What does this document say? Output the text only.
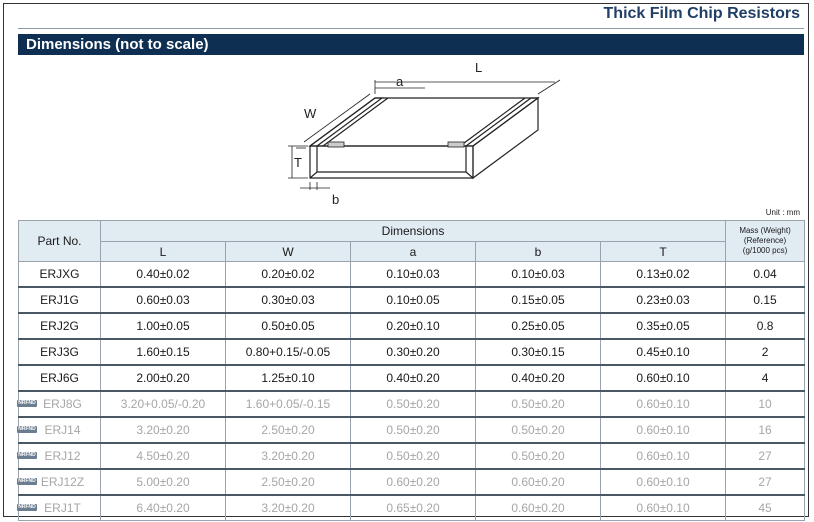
Thick Film Chip Resistors
Dimensions (not to scale)
L
a
W
T
b
Unit : mm
Part No.	Dimensions					Mass (Weight)
(Reference)
(g/1000 pcs)
	L	W	a	b	T	
ERJXG	0.40±0.02	0.20±0.02	0.10±0.03	0.10±0.03	0.13±0.02	0.04
ERJ1G	0.60±0.03	0.30±0.03	0.10±0.05	0.15±0.05	0.23±0.03	0.15
ERJ2G	1.00±0.05	0.50±0.05	0.20±0.10	0.25±0.05	0.35±0.05	0.8
ERJ3G	1.60±0.15	0.80+0.15/-0.05	0.30±0.20	0.30±0.15	0.45±0.10	2
ERJ6G	2.00±0.20	1.25±0.10	0.40±0.20	0.40±0.20	0.60±0.10	4

NRFND ERJ8G	3.20+0.05/-0.20	1.60+0.05/-0.15	0.50±0.20	0.50±0.20	0.60±0.10	10

NRFND ERJ14	3.20±0.20	2.50±0.20	0.50±0.20	0.50±0.20	0.60±0.10	16

NRFND ERJ12	4.50±0.20	3.20±0.20	0.50±0.20	0.50±0.20	0.60±0.10	27

NRFND ERJ12Z	5.00±0.20	2.50±0.20	0.60±0.20	0.60±0.20	0.60±0.10	27

NRFND ERJ1T	6.40±0.20	3.20±0.20	0.65±0.20	0.60±0.20	0.60±0.10	45
